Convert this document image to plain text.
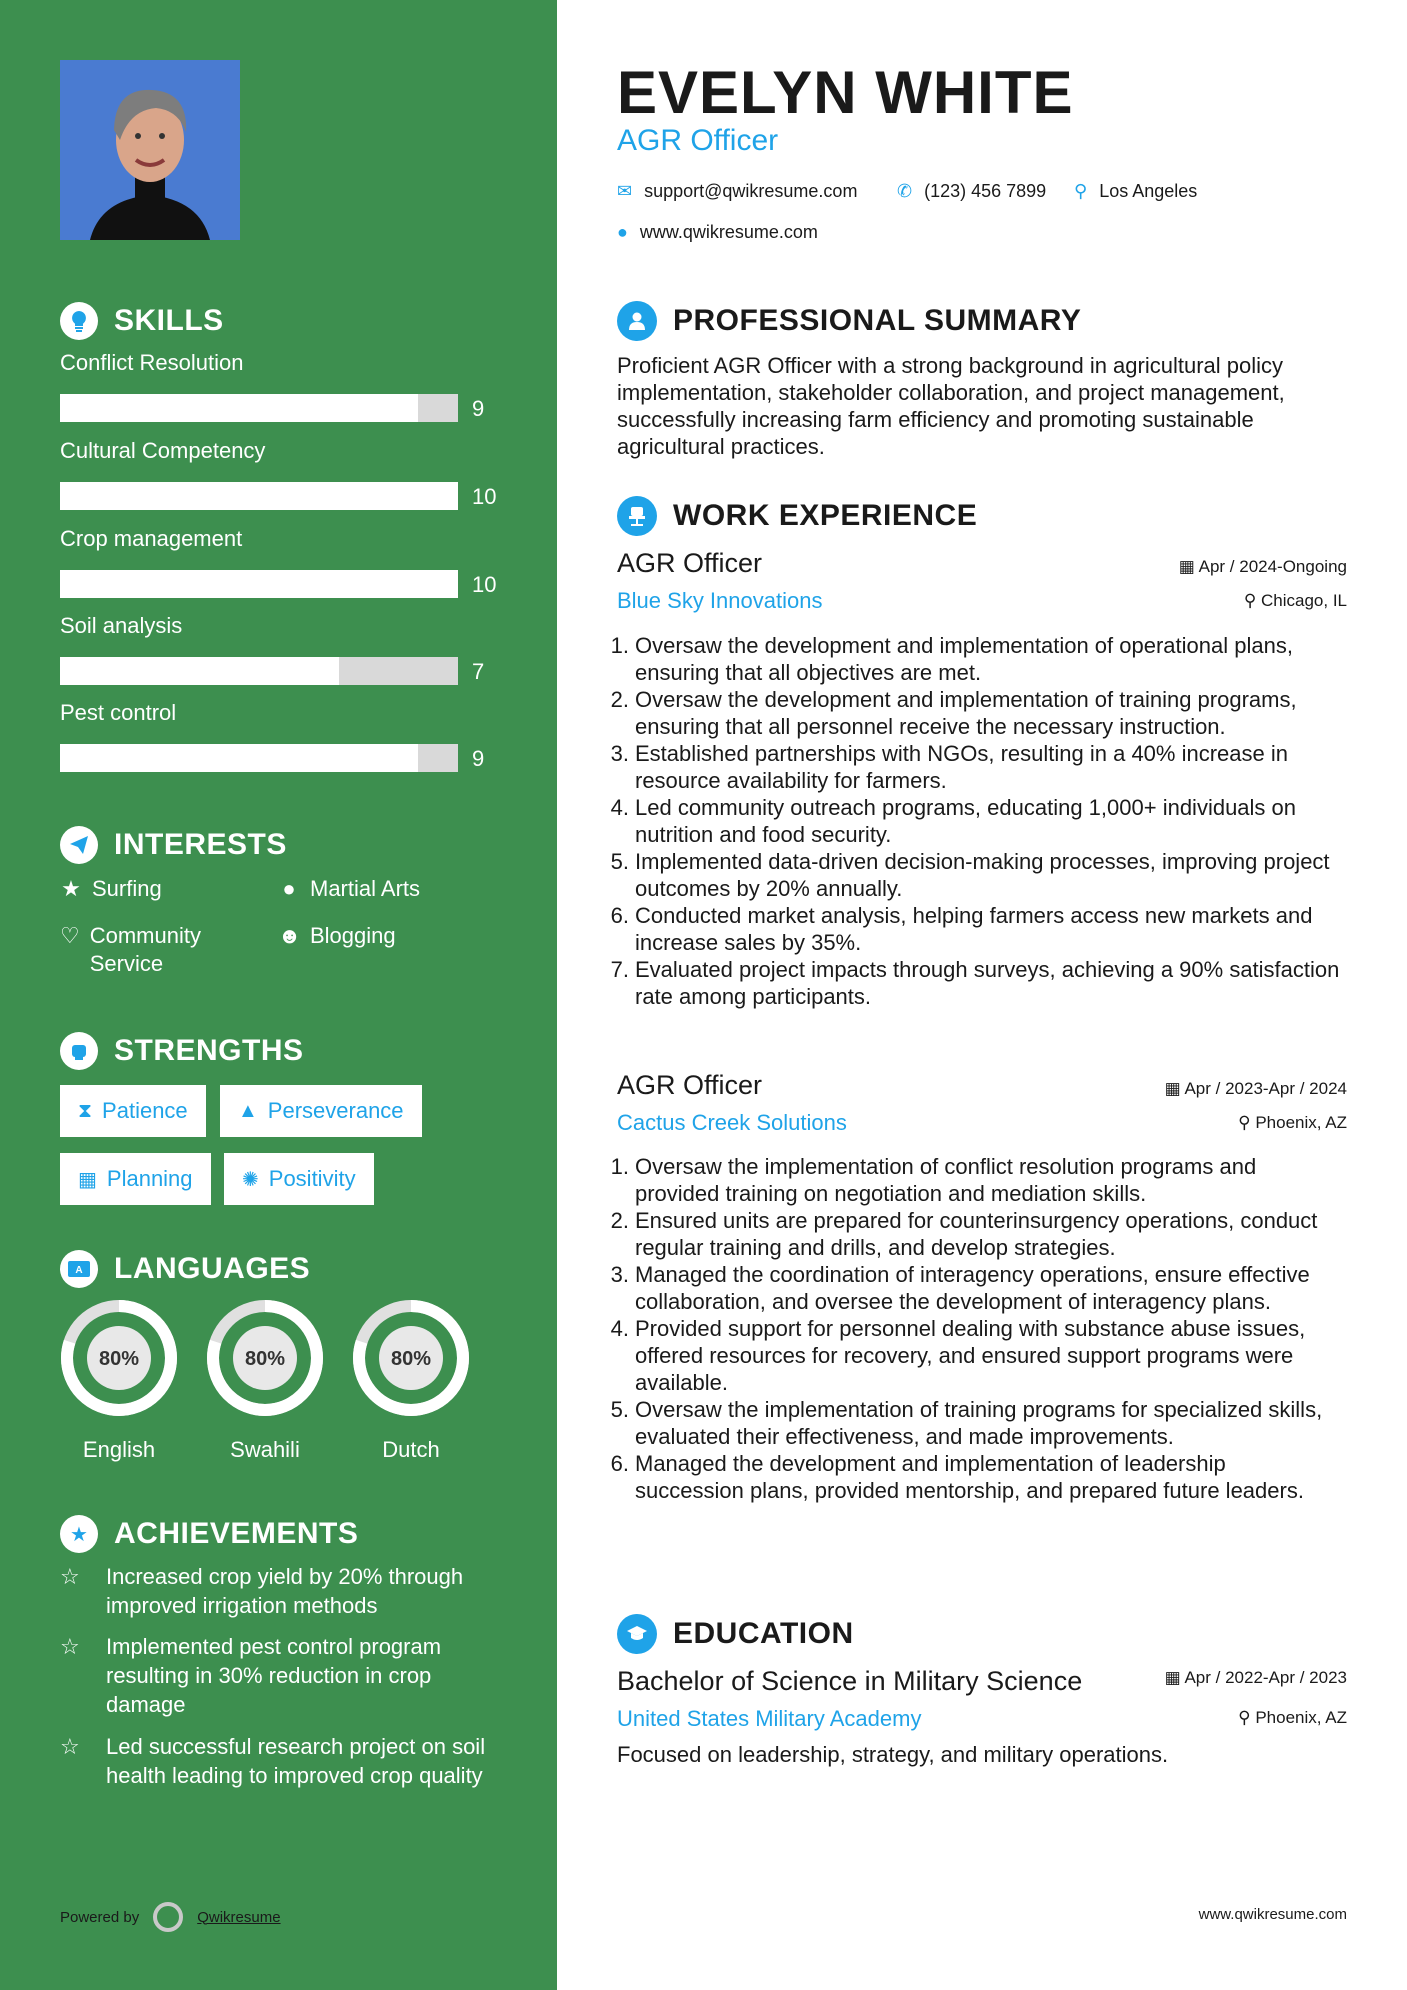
SKILLS
Conflict Resolution
9
Cultural Competency
10
Crop management
10
Soil analysis
7
Pest control
9
INTERESTS
★ Surfing	● Martial Arts
♡ Community Service
☻ Blogging
STRENGTHS
⧗ Patience	▲ Perseverance
▦ Planning ✺ Positivity
A LANGUAGES
80%
English
80%
Swahili
80%
Dutch
★ ACHIEVEMENTS
☆	Increased crop yield by 20% through improved irrigation methods
☆	Implemented pest control program resulting in 30% reduction in crop damage
☆	Led successful research project on soil health leading to improved crop quality
Powered by	Qwikresume
EVELYN WHITE
AGR Officer
✉ support@qwikresume.com ✆ (123) 456 7899 ⚲ Los Angeles
● www.qwikresume.com
PROFESSIONAL SUMMARY
Proficient AGR Officer with a strong background in agricultural policy implementation, stakeholder collaboration, and project management, successfully increasing farm efficiency and promoting sustainable agricultural practices.
WORK EXPERIENCE
AGR Officer	▦ Apr / 2024-Ongoing
Blue Sky Innovations	⚲ Chicago, IL
1. Oversaw the development and implementation of operational plans, ensuring that all objectives are met.
2. Oversaw the development and implementation of training programs, ensuring that all personnel receive the necessary instruction.
3. Established partnerships with NGOs, resulting in a 40% increase in resource availability for farmers.
4. Led community outreach programs, educating 1,000+ individuals on nutrition and food security.
5. Implemented data-driven decision-making processes, improving project outcomes by 20% annually.
6. Conducted market analysis, helping farmers access new markets and increase sales by 35%.
7. Evaluated project impacts through surveys, achieving a 90% satisfaction rate among participants.
AGR Officer	▦ Apr / 2023-Apr / 2024
Cactus Creek Solutions	⚲ Phoenix, AZ
1. Oversaw the implementation of conflict resolution programs and provided training on negotiation and mediation skills.
2. Ensured units are prepared for counterinsurgency operations, conduct regular training and drills, and develop strategies.
3. Managed the coordination of interagency operations, ensure effective collaboration, and oversee the development of interagency plans.
4. Provided support for personnel dealing with substance abuse issues, offered resources for recovery, and ensured support programs were available.
5. Oversaw the implementation of training programs for specialized skills, evaluated their effectiveness, and made improvements.
6. Managed the development and implementation of leadership succession plans, provided mentorship, and prepared future leaders.
EDUCATION
Bachelor of Science in Military Science	▦ Apr / 2022-Apr / 2023
United States Military Academy	⚲ Phoenix, AZ
Focused on leadership, strategy, and military operations.
www.qwikresume.com
